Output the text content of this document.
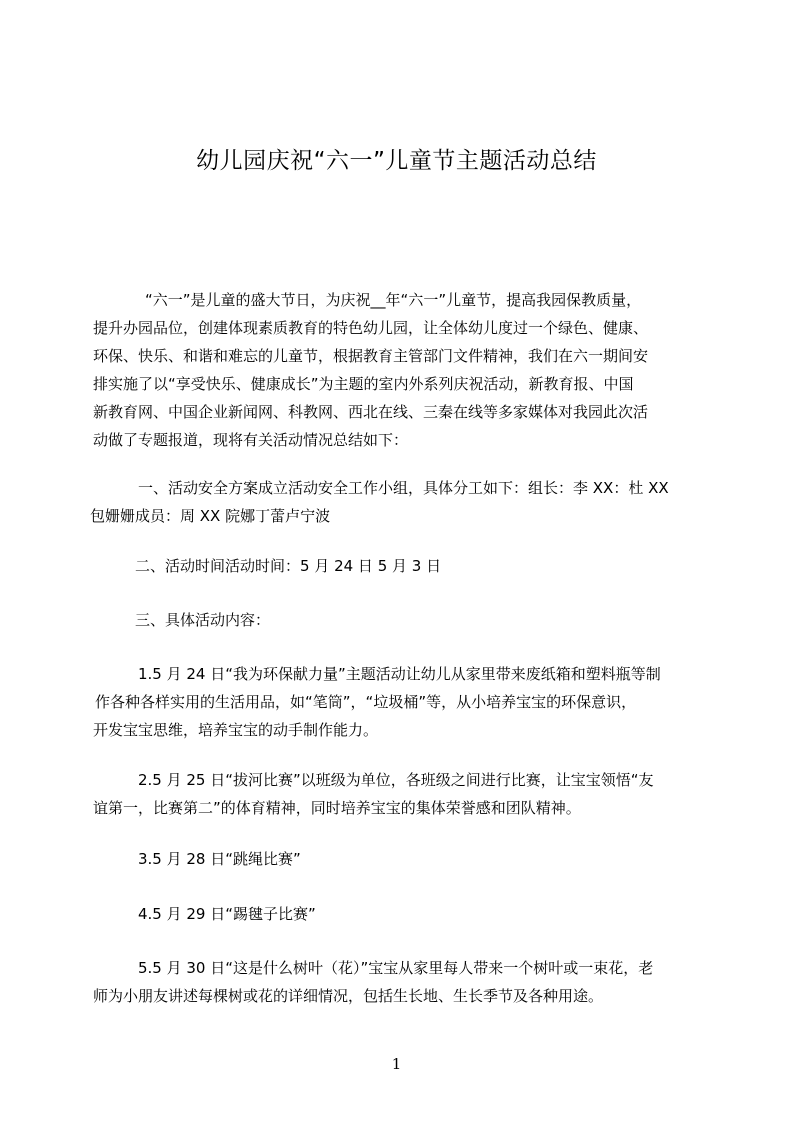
幼儿园庆祝“六一”儿童节主题活动总结
“六一”是儿童的盛大节日，为庆祝__年“六一”儿童节，提高我园保教质量，
提升办园品位，创建体现素质教育的特色幼儿园，让全体幼儿度过一个绿色、健康、
环保、快乐、和谐和难忘的儿童节，根据教育主管部门文件精神，我们在六一期间安
排实施了以“享受快乐、健康成长”为主题的室内外系列庆祝活动，新教育报、中国
新教育网、中国企业新闻网、科教网、西北在线、三秦在线等多家媒体对我园此次活
动做了专题报道，现将有关活动情况总结如下：
一、活动安全方案成立活动安全工作小组，具体分工如下：组长：李 XX：杜 XX
包姗姗成员：周 XX 院娜丁蕾卢宁波
二、活动时间活动时间：5 月 24 日 5 月 3 日
三、具体活动内容：
1.5 月 24 日“我为环保献力量”主题活动让幼儿从家里带来废纸箱和塑料瓶等制
作各种各样实用的生活用品，如“笔筒”，“垃圾桶”等，从小培养宝宝的环保意识，
开发宝宝思维，培养宝宝的动手制作能力。
2.5 月 25 日“拔河比赛”以班级为单位，各班级之间进行比赛，让宝宝领悟“友
谊第一，比赛第二”的体育精神，同时培养宝宝的集体荣誉感和团队精神。
3.5 月 28 日“跳绳比赛”
4.5 月 29 日“踢毽子比赛”
5.5 月 30 日“这是什么树叶（花）”宝宝从家里每人带来一个树叶或一束花，老
师为小朋友讲述每棵树或花的详细情况，包括生长地、生长季节及各种用途。
1
